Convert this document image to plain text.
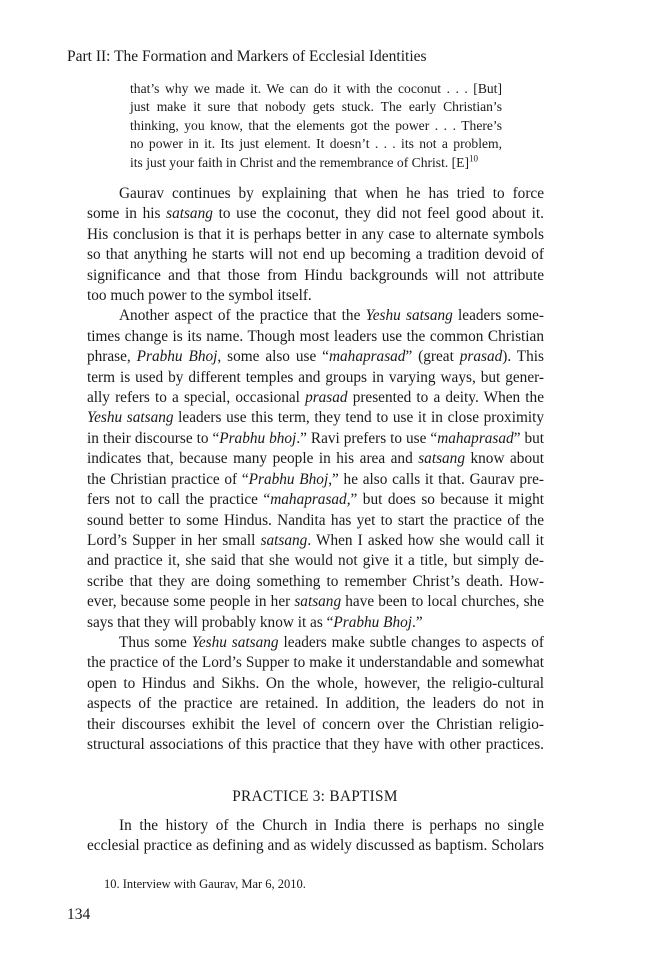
Part II: The Formation and Markers of Ecclesial Identities
that’s why we made it. We can do it with the coconut . . . [But]
just make it sure that nobody gets stuck. The early Christian’s
thinking, you know, that the elements got the power . . . There’s
no power in it. Its just element. It doesn’t . . . its not a problem,
its just your faith in Christ and the remembrance of Christ. $[E]^{10}$
Gaurav continues by explaining that when he has tried to force
some in his satsang to use the coconut, they did not feel good about it.
His conclusion is that it is perhaps better in any case to alternate symbols
so that anything he starts will not end up becoming a tradition devoid of
significance and that those from Hindu backgrounds will not attribute
too much power to the symbol itself.
Another aspect of the practice that the Yeshu satsang leaders some-
times change is its name. Though most leaders use the common Christian
phrase, Prabhu Bhoj, some also use “mahaprasad” (great prasad). This
term is used by different temples and groups in varying ways, but gener-
ally refers to a special, occasional prasad presented to a deity. When the
Yeshu satsang leaders use this term, they tend to use it in close proximity
in their discourse to “Prabhu bhoj.” Ravi prefers to use “mahaprasad” but
indicates that, because many people in his area and satsang know about
the Christian practice of “Prabhu Bhoj,” he also calls it that. Gaurav pre-
fers not to call the practice “mahaprasad,” but does so because it might
sound better to some Hindus. Nandita has yet to start the practice of the
Lord’s Supper in her small satsang. When I asked how she would call it
and practice it, she said that she would not give it a title, but simply de-
scribe that they are doing something to remember Christ’s death. How-
ever, because some people in her satsang have been to local churches, she
says that they will probably know it as “Prabhu Bhoj.”
Thus some Yeshu satsang leaders make subtle changes to aspects of
the practice of the Lord’s Supper to make it understandable and somewhat
open to Hindus and Sikhs. On the whole, however, the religio-cultural
aspects of the practice are retained. In addition, the leaders do not in
their discourses exhibit the level of concern over the Christian religio-
structural associations of this practice that they have with other practices.
PRACTICE 3: BAPTISM
In the history of the Church in India there is perhaps no single
ecclesial practice as defining and as widely discussed as baptism. Scholars
10. Interview with Gaurav, Mar 6, 2010.
134
